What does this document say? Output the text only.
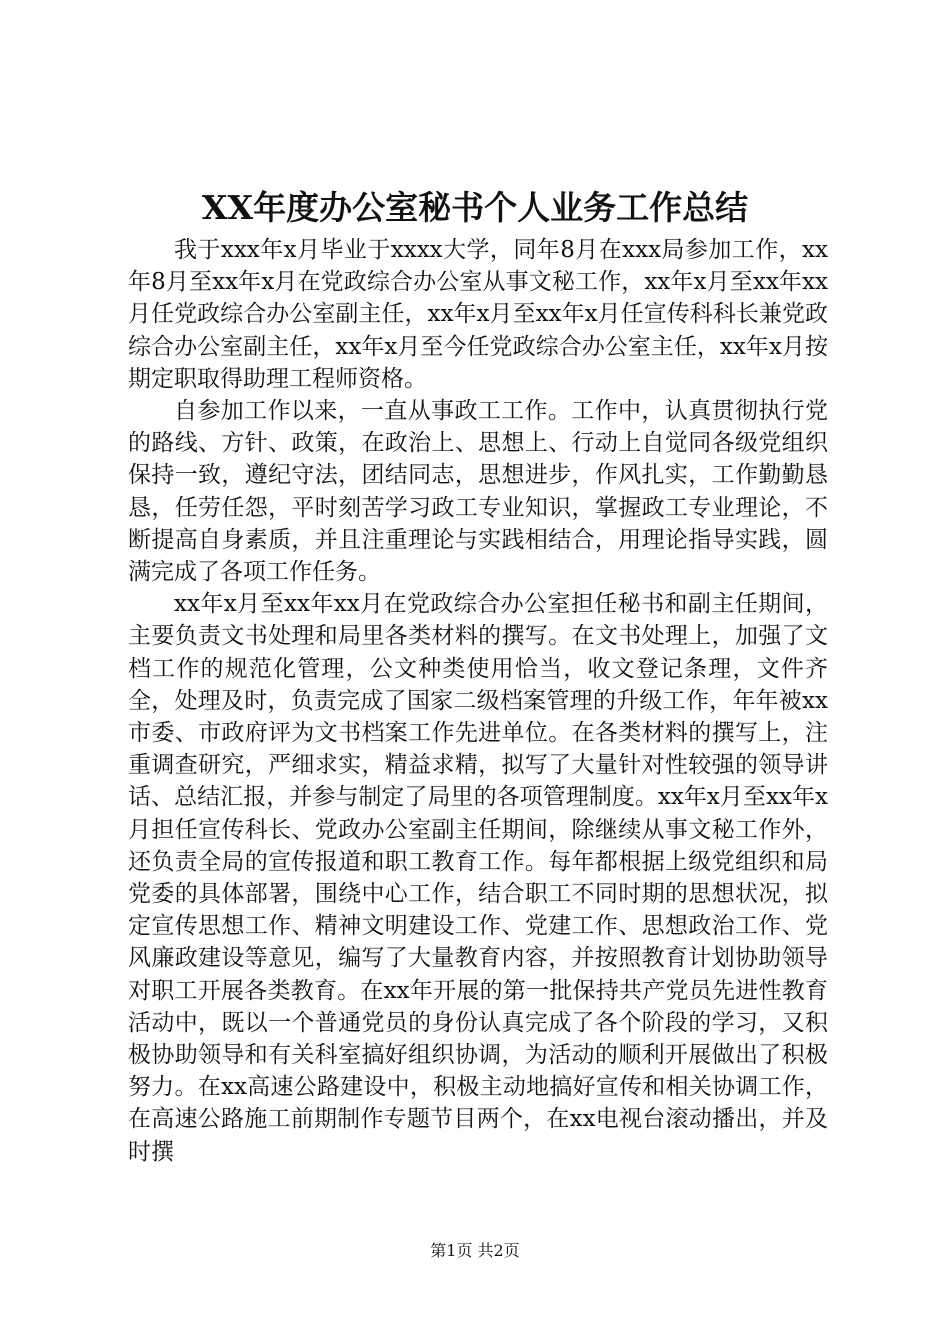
XX年度办公室秘书个人业务工作总结

我于xxx年x月毕业于xxxx大学，同年8月在xxx局参加工作，xx年8月至xx年x月在党政综合办公室从事文秘工作，xx年x月至xx年xx月任党政综合办公室副主任，xx年x月至xx年x月任宣传科科长兼党政综合办公室副主任，xx年x月至今任党政综合办公室主任，xx年x月按期定职取得助理工程师资格。

自参加工作以来，一直从事政工工作。工作中，认真贯彻执行党的路线、方针、政策，在政治上、思想上、行动上自觉同各级党组织保持一致，遵纪守法，团结同志，思想进步，作风扎实，工作勤勤恳恳，任劳任怨，平时刻苦学习政工专业知识，掌握政工专业理论，不断提高自身素质，并且注重理论与实践相结合，用理论指导实践，圆满完成了各项工作任务。

xx年x月至xx年xx月在党政综合办公室担任秘书和副主任期间，主要负责文书处理和局里各类材料的撰写。在文书处理上，加强了文档工作的规范化管理，公文种类使用恰当，收文登记条理，文件齐全，处理及时，负责完成了国家二级档案管理的升级工作，年年被xx市委、市政府评为文书档案工作先进单位。在各类材料的撰写上，注重调查研究，严细求实，精益求精，拟写了大量针对性较强的领导讲话、总结汇报，并参与制定了局里的各项管理制度。xx年x月至xx年x月担任宣传科长、党政办公室副主任期间，除继续从事文秘工作外，还负责全局的宣传报道和职工教育工作。每年都根据上级党组织和局党委的具体部署，围绕中心工作，结合职工不同时期的思想状况，拟定宣传思想工作、精神文明建设工作、党建工作、思想政治工作、党风廉政建设等意见，编写了大量教育内容，并按照教育计划协助领导对职工开展各类教育。在xx年开展的第一批保持共产党员先进性教育活动中，既以一个普通党员的身份认真完成了各个阶段的学习，又积极协助领导和有关科室搞好组织协调，为活动的顺利开展做出了积极努力。在xx高速公路建设中，积极主动地搞好宣传和相关协调工作，在高速公路施工前期制作专题节目两个，在xx电视台滚动播出，并及时撰

第1页 共2页
